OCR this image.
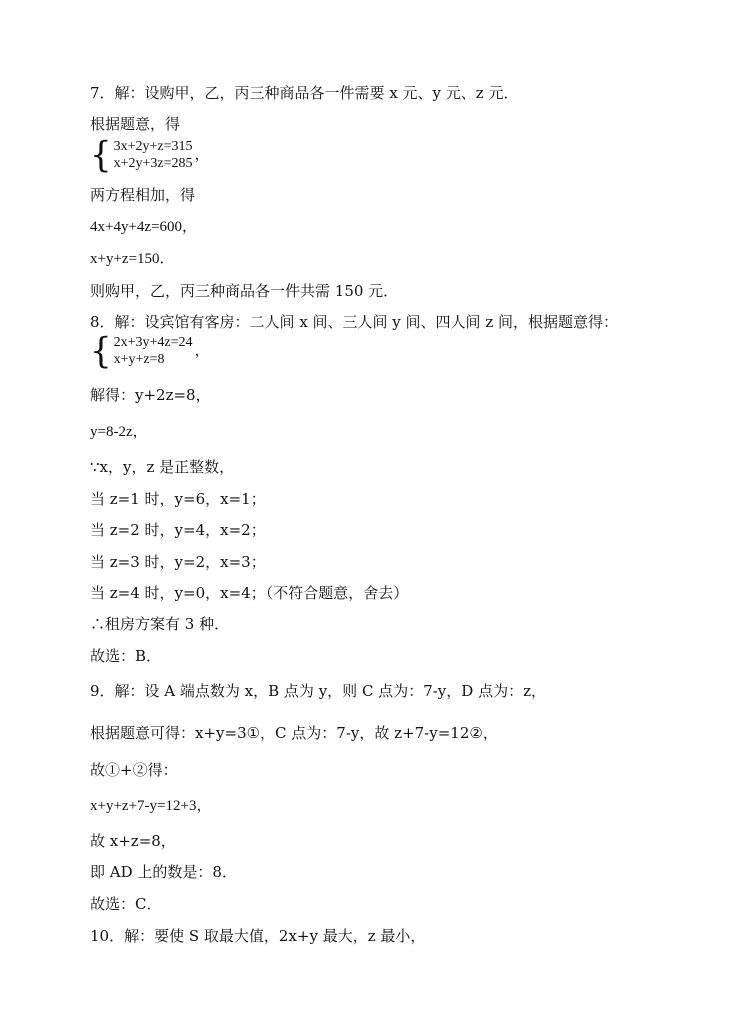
7．解：设购甲，乙，丙三种商品各一件需要 x 元、y 元、z 元．
根据题意，得
{ 3x+2y+z=315
x+2y+3z=285
，
两方程相加，得
4x+4y+4z=600，
x+y+z=150．
则购甲，乙，丙三种商品各一件共需 150 元．
8．解：设宾馆有客房：二人间 x 间、三人间 y 间、四人间 z 间，根据题意得：
{ 2x+3y+4z=24
x+y+z=8
，
解得：y+2z=8，
y=8-2z，
∵x，y，z 是正整数，
当 z=1 时，y=6，x=1；
当 z=2 时，y=4，x=2；
当 z=3 时，y=2，x=3；
当 z=4 时，y=0，x=4；（不符合题意，舍去）
∴租房方案有 3 种．
故选：B．
9．解：设 A 端点数为 x，B 点为 y，则 C 点为：7-y，D 点为：z，
根据题意可得：x+y=3①，C 点为：7-y，故 z+7-y=12②，
故①+②得：
x+y+z+7-y=12+3，
故 x+z=8，
即 AD 上的数是：8．
故选：C．
10．解：要使 S 取最大值，2x+y 最大，z 最小，
